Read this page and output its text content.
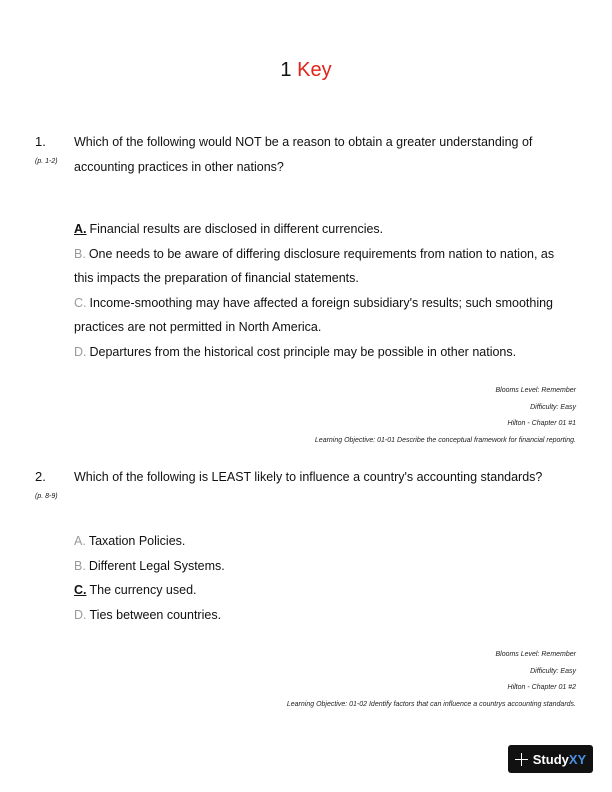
1 Key
1.
(p. 1-2)
Which of the following would NOT be a reason to obtain a greater understanding of accounting practices in other nations?
A. Financial results are disclosed in different currencies.
B. One needs to be aware of differing disclosure requirements from nation to nation, as this impacts the preparation of financial statements.
C. Income-smoothing may have affected a foreign subsidiary's results; such smoothing practices are not permitted in North America.
D. Departures from the historical cost principle may be possible in other nations.
Blooms Level: Remember
Difficulty: Easy
Hilton - Chapter 01 #1
Learning Objective: 01-01 Describe the conceptual framework for financial reporting.
2.
(p. 8-9)
Which of the following is LEAST likely to influence a country's accounting standards?
A. Taxation Policies.
B. Different Legal Systems.
C. The currency used.
D. Ties between countries.
Blooms Level: Remember
Difficulty: Easy
Hilton - Chapter 01 #2
Learning Objective: 01-02 Identify factors that can influence a countrys accounting standards.
StudyXY
